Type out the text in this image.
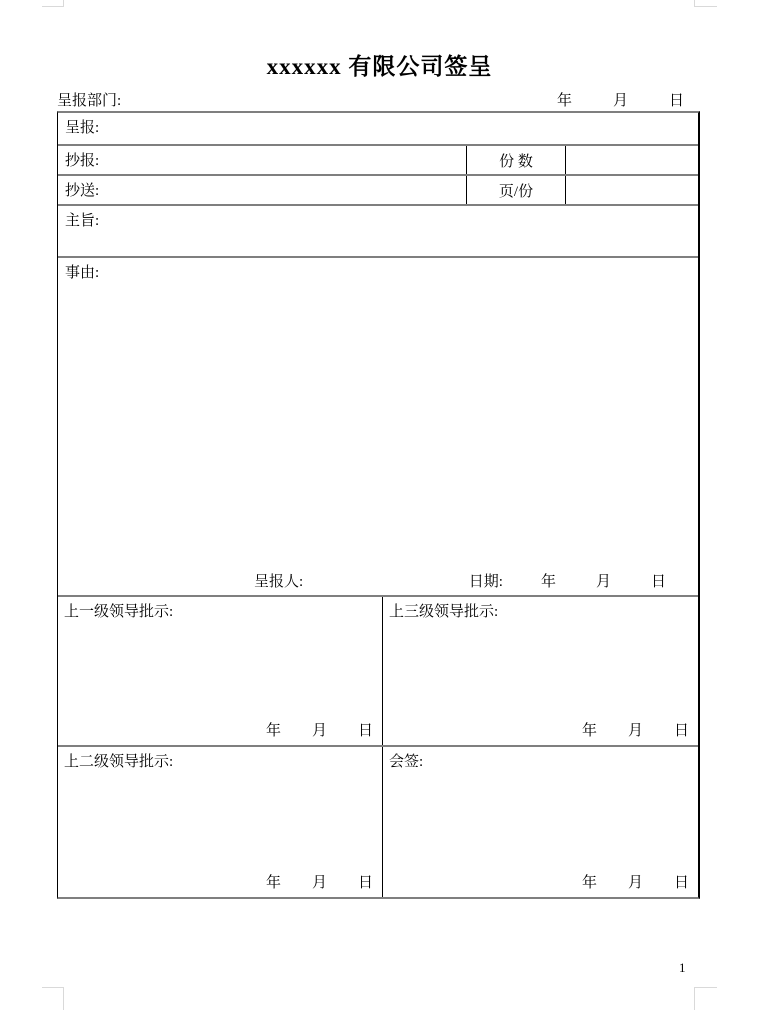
xxxxxx 有限公司签呈
呈报部门:	年	月	日
呈报:
抄报:	份 数
抄送:	页/份
主旨:
事由:
呈报人:	日期:	年	月	日
上一级领导批示:
年 月 日
上三级领导批示:
年 月 日
上二级领导批示:
年 月 日
会签:
年 月 日
1
